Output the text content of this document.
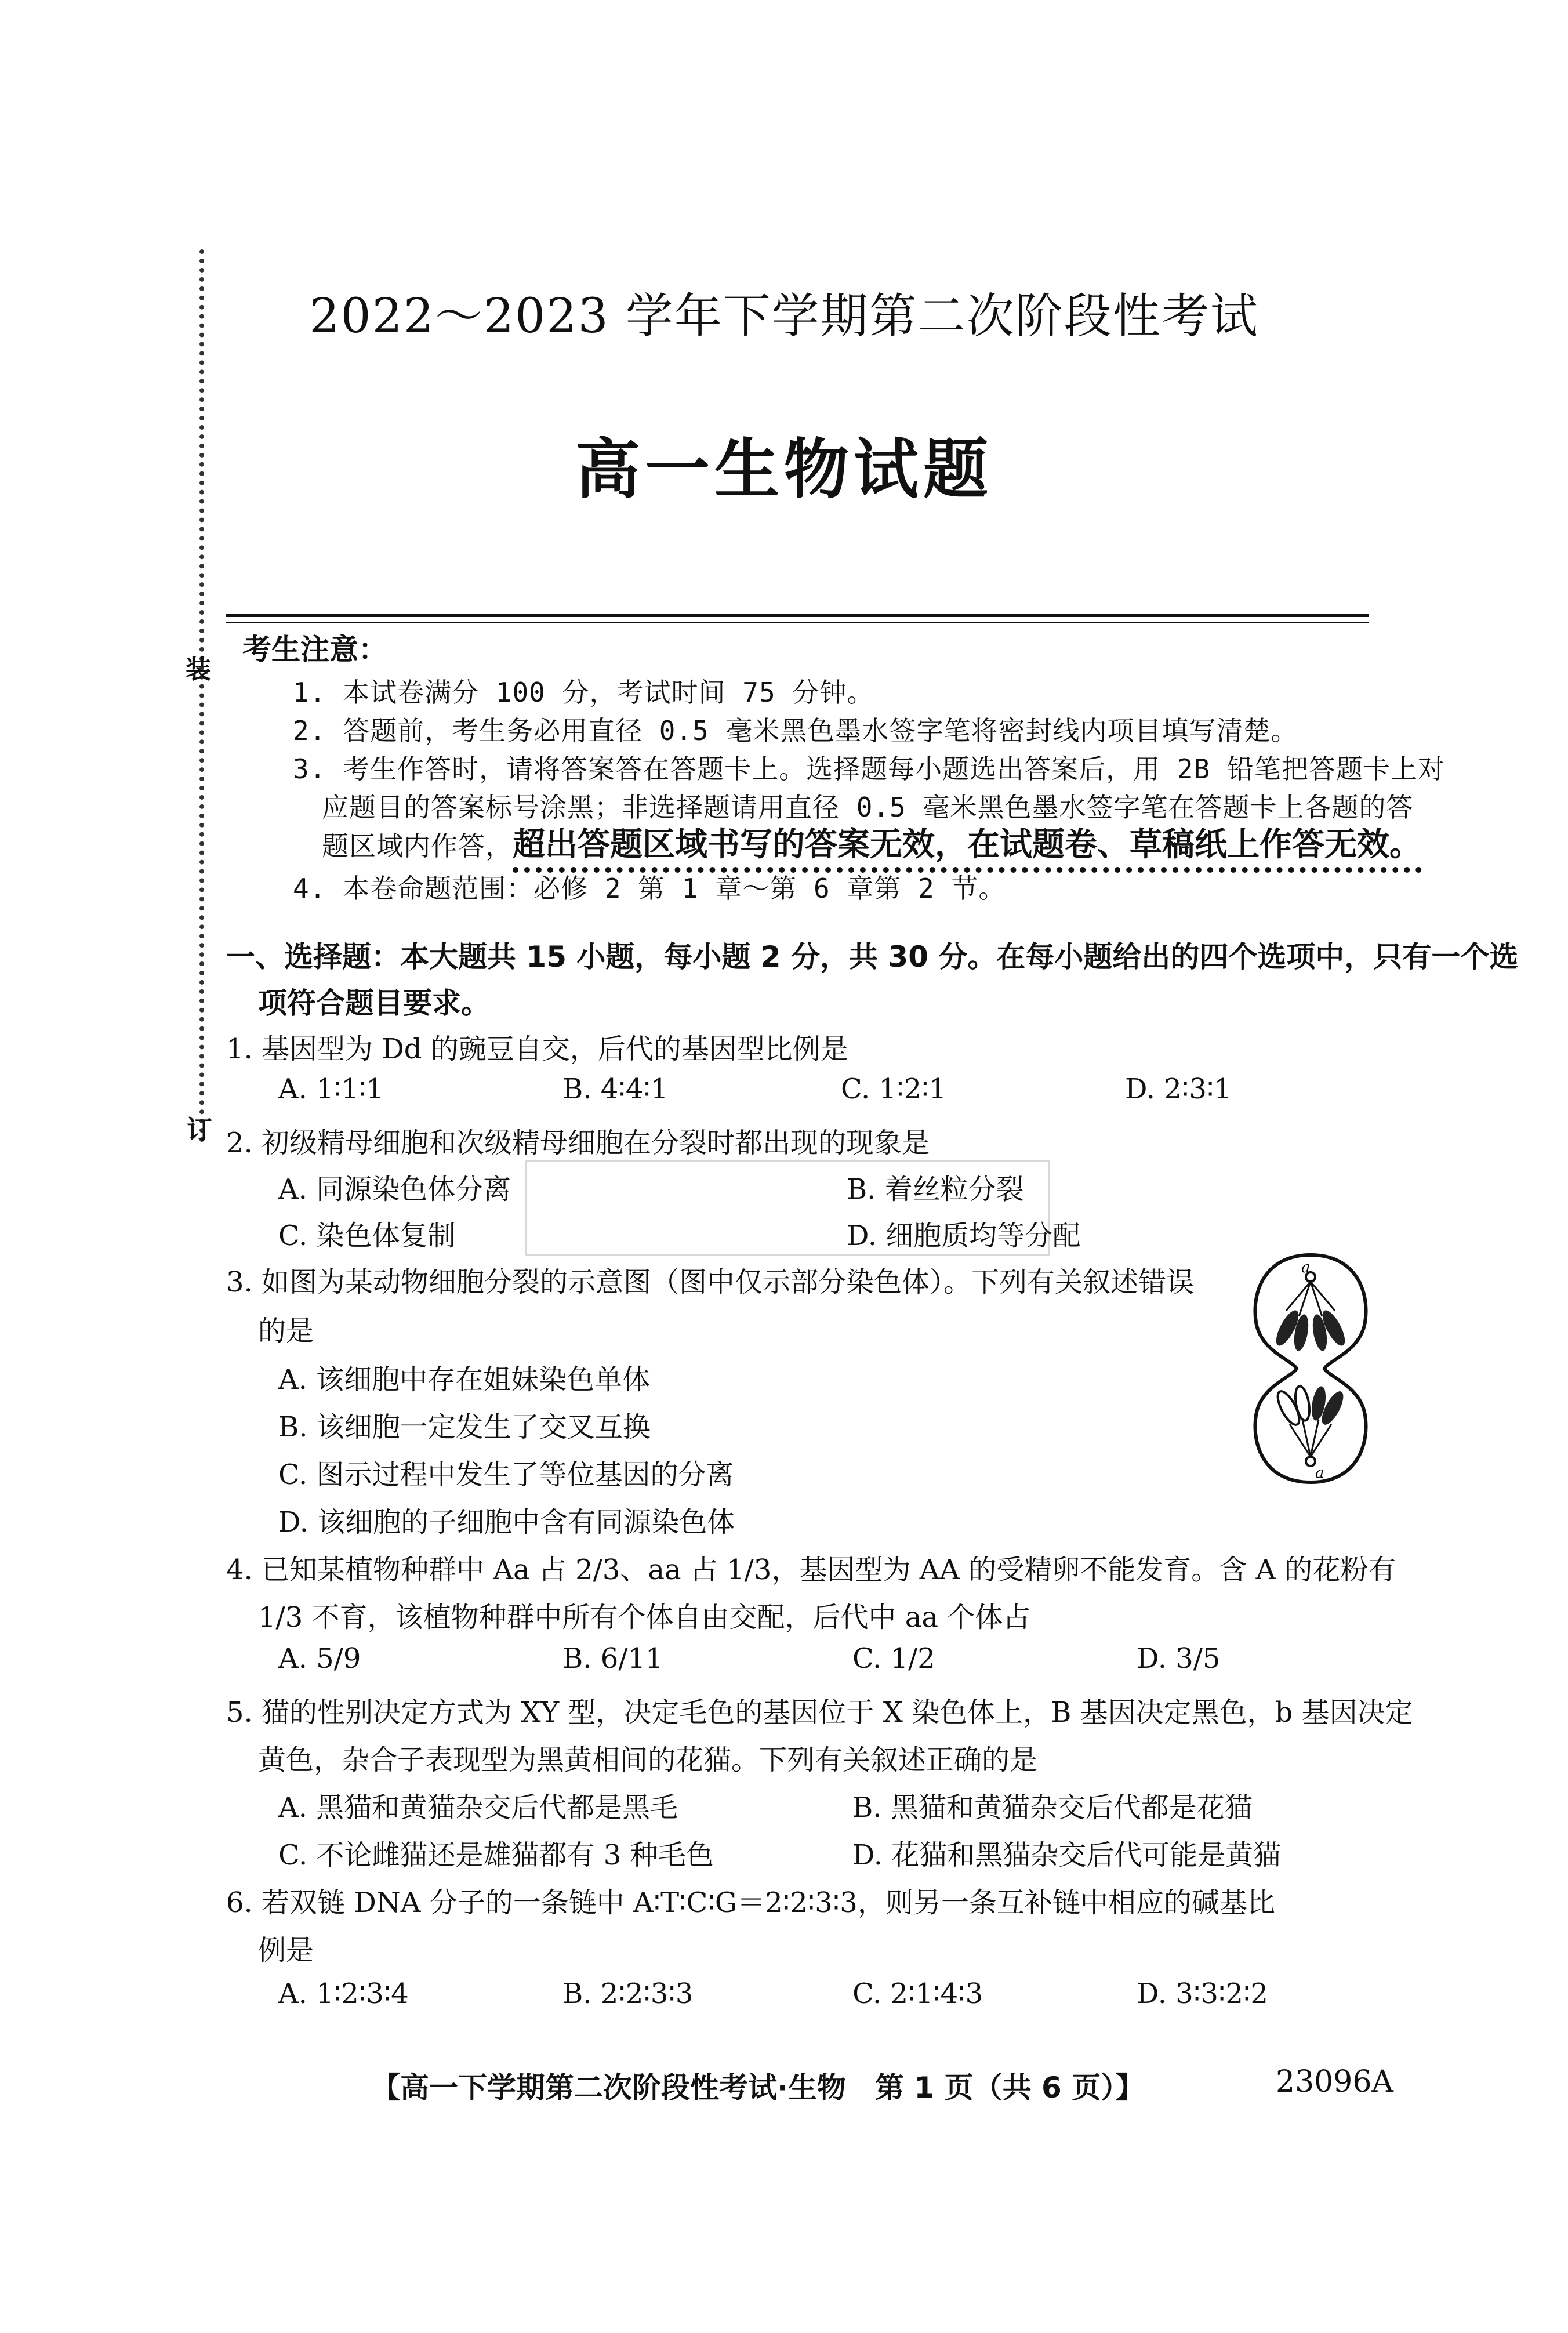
装
订
2022～2023 学年下学期第二次阶段性考试
高一生物试题
考生注意：
1. 本试卷满分 100 分，考试时间 75 分钟。
2. 答题前，考生务必用直径 0.5 毫米黑色墨水签字笔将密封线内项目填写清楚。
3. 考生作答时，请将答案答在答题卡上。选择题每小题选出答案后，用 2B 铅笔把答题卡上对
应题目的答案标号涂黑；非选择题请用直径 0.5 毫米黑色墨水签字笔在答题卡上各题的答
题区域内作答，超出答题区域书写的答案无效，在试题卷、草稿纸上作答无效。
4. 本卷命题范围：必修 2 第 1 章～第 6 章第 2 节。
一、选择题：本大题共 15 小题，每小题 2 分，共 30 分。在每小题给出的四个选项中，只有一个选
项符合题目要求。
1. 基因型为 Dd 的豌豆自交，后代的基因型比例是
A. 1∶1∶1	B. 4∶4∶1	C. 1∶2∶1	D. 2∶3∶1
2. 初级精母细胞和次级精母细胞在分裂时都出现的现象是
A. 同源染色体分离	B. 着丝粒分裂
C. 染色体复制	D. 细胞质均等分配
3. 如图为某动物细胞分裂的示意图（图中仅示部分染色体）。下列有关叙述错误
的是
A. 该细胞中存在姐妹染色单体
B. 该细胞一定发生了交叉互换
C. 图示过程中发生了等位基因的分离
D. 该细胞的子细胞中含有同源染色体
a
a
4. 已知某植物种群中 Aa 占 2/3、aa 占 1/3，基因型为 AA 的受精卵不能发育。含 A 的花粉有
1/3 不育，该植物种群中所有个体自由交配，后代中 aa 个体占
A. 5/9	B. 6/11	C. 1/2	D. 3/5
5. 猫的性别决定方式为 XY 型，决定毛色的基因位于 X 染色体上，B 基因决定黑色，b 基因决定
黄色，杂合子表现型为黑黄相间的花猫。下列有关叙述正确的是
A. 黑猫和黄猫杂交后代都是黑毛	B. 黑猫和黄猫杂交后代都是花猫
C. 不论雌猫还是雄猫都有 3 种毛色	D. 花猫和黑猫杂交后代可能是黄猫
6. 若双链 DNA 分子的一条链中 A∶T∶C∶G＝2∶2∶3∶3，则另一条互补链中相应的碱基比
例是
A. 1∶2∶3∶4	B. 2∶2∶3∶3	C. 2∶1∶4∶3	D. 3∶3∶2∶2
【高一下学期第二次阶段性考试·生物　第 1 页（共 6 页）】	23096A
